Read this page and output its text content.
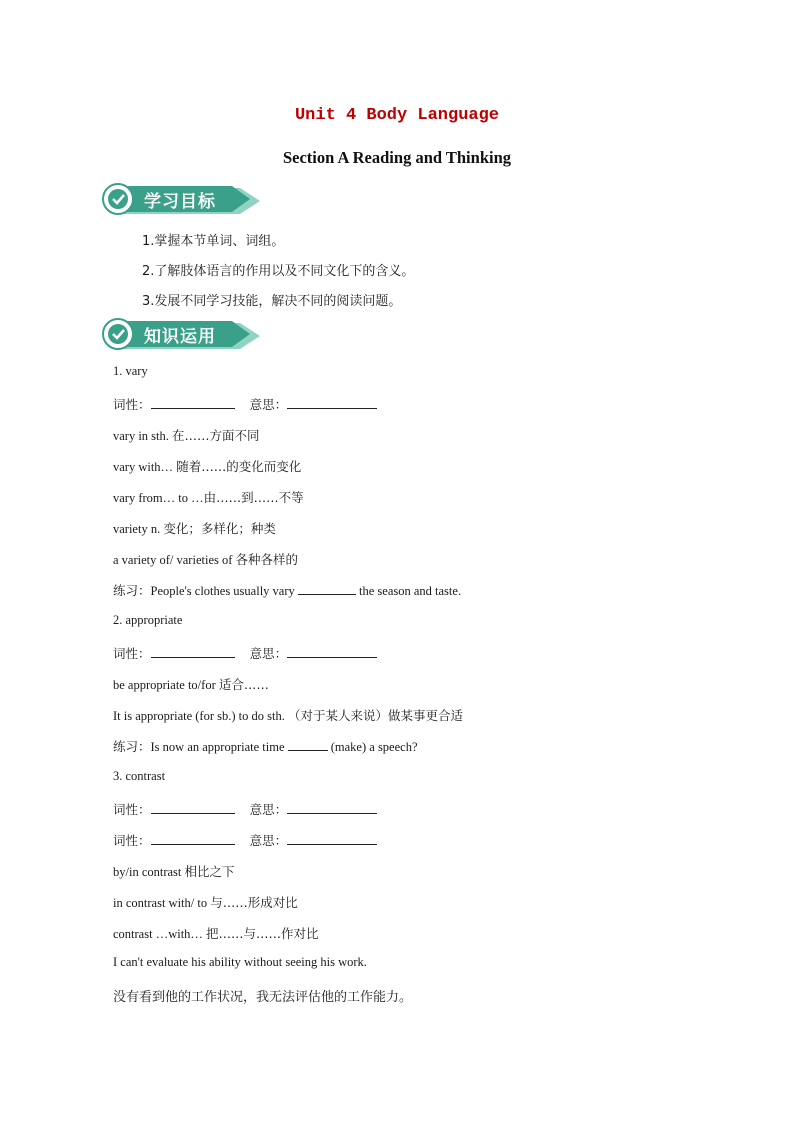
Unit 4 Body Language
Section A Reading and Thinking
学习目标
1.掌握本节单词、词组。
2.了解肢体语言的作用以及不同文化下的含义。
3.发展不同学习技能，解决不同的阅读问题。
知识运用
1. vary
词性：	意思：
vary in sth. 在……方面不同
vary with… 随着……的变化而变化
vary from… to …由……到……不等
variety n. 变化；多样化；种类
a variety of/ varieties of 各种各样的
练习：People's clothes usually vary	the season and taste.
2. appropriate
词性：	意思：
be appropriate to/for 适合……
It is appropriate (for sb.) to do sth. （对于某人来说）做某事更合适
练习：Is now an appropriate time	(make) a speech?
3. contrast
词性：	意思：
词性：	意思：
by/in contrast 相比之下
in contrast with/ to 与……形成对比
contrast …with… 把……与……作对比
I can't evaluate his ability without seeing his work.
没有看到他的工作状况，我无法评估他的工作能力。
